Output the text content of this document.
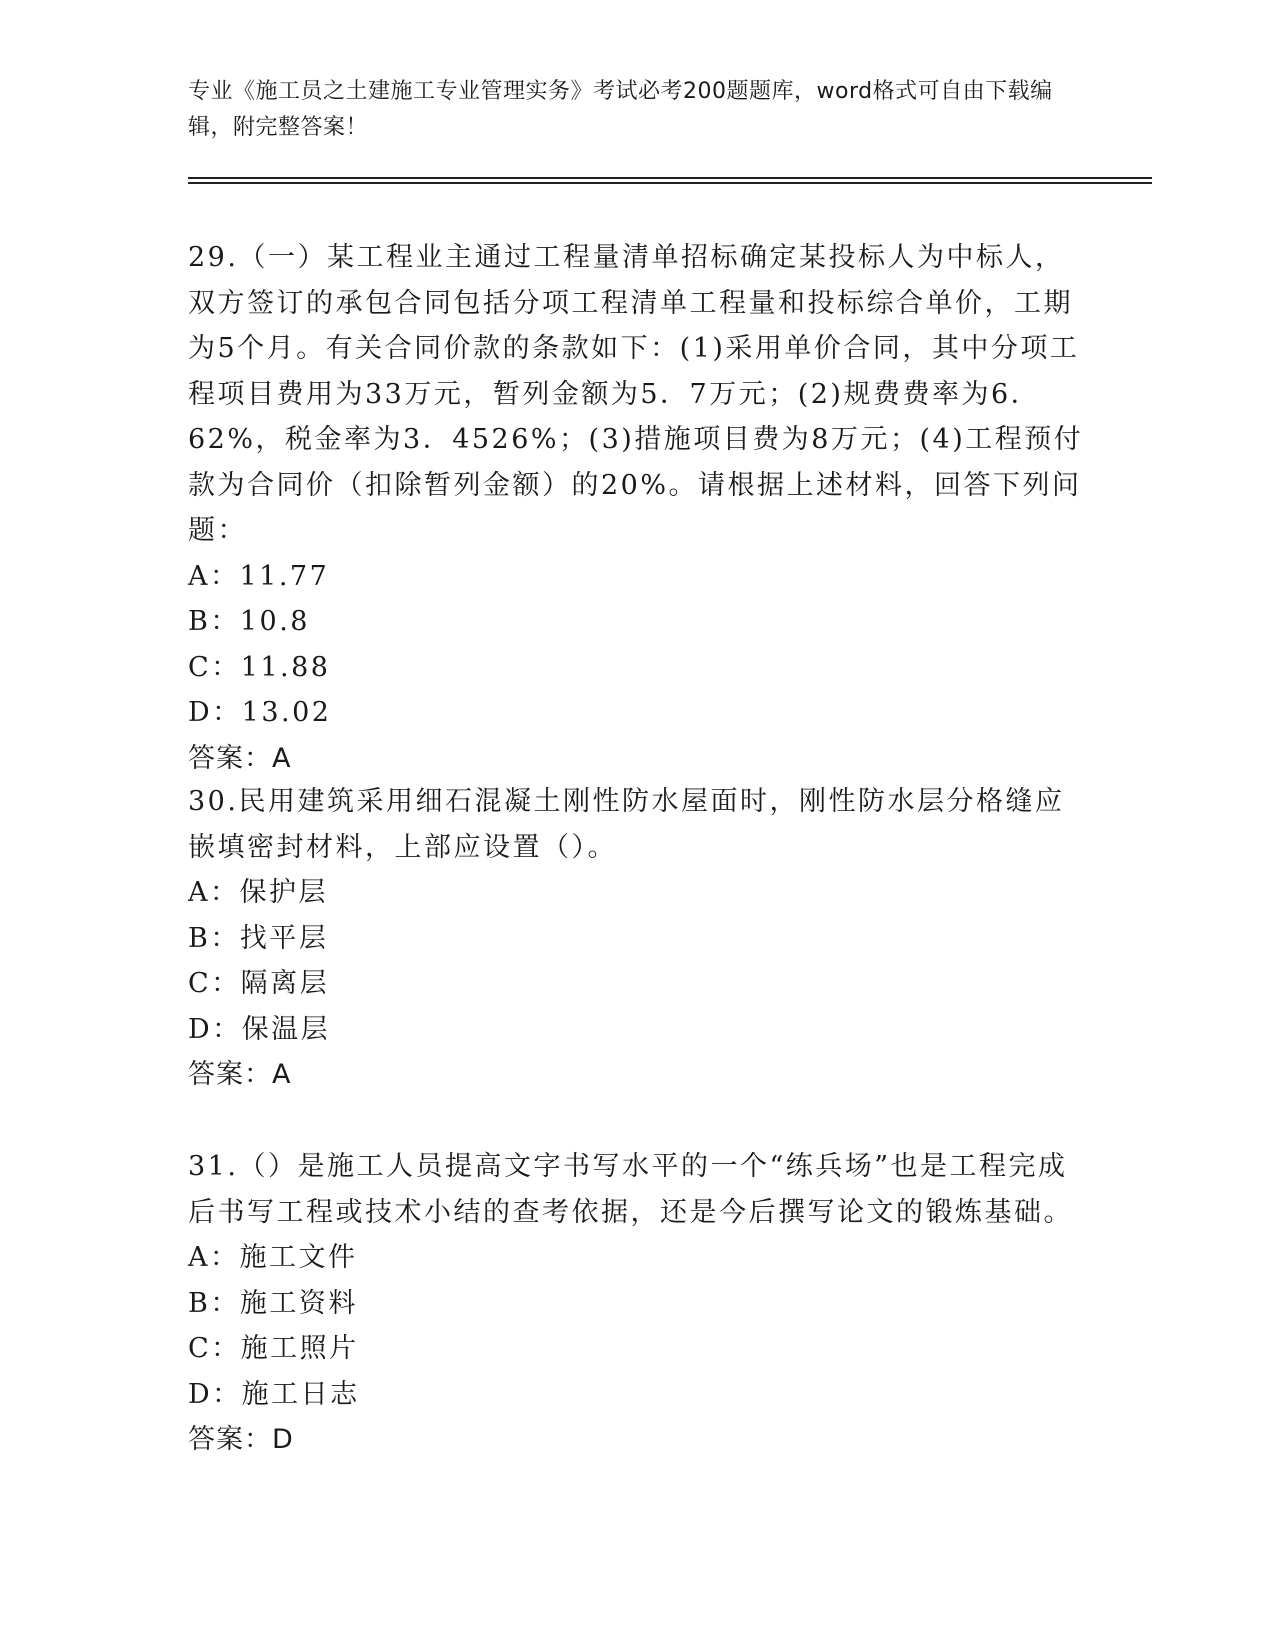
专业《施工员之土建施工专业管理实务》考试必考200题题库，word格式可自由下载编辑，附完整答案！
29.（一）某工程业主通过工程量清单招标确定某投标人为中标人，双方签订的承包合同包括分项工程清单工程量和投标综合单价，工期为5个月。有关合同价款的条款如下：(1)采用单价合同，其中分项工程项目费用为33万元，暂列金额为5．7万元；(2)规费费率为6．62%，税金率为3．4526%；(3)措施项目费为8万元；(4)工程预付款为合同价（扣除暂列金额）的20%。请根据上述材料，回答下列问题：
A：11.77
B：10.8
C：11.88
D：13.02
答案：A
30.民用建筑采用细石混凝土刚性防水屋面时，刚性防水层分格缝应嵌填密封材料，上部应设置（）。
A：保护层
B：找平层
C：隔离层
D：保温层
答案：A
31.（）是施工人员提高文字书写水平的一个“练兵场”也是工程完成后书写工程或技术小结的查考依据，还是今后撰写论文的锻炼基础。
A：施工文件
B：施工资料
C：施工照片
D：施工日志
答案：D
